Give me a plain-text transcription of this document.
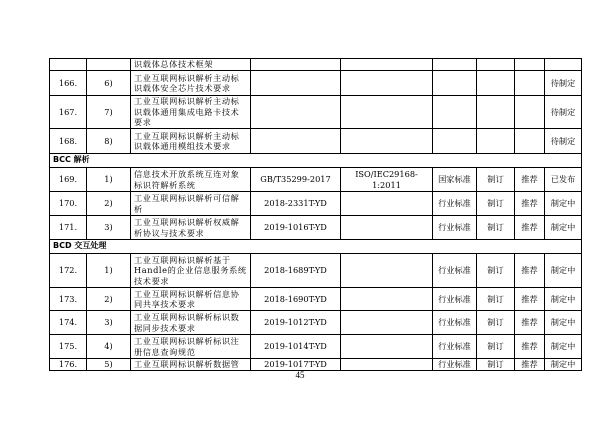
		识载体总体技术框架						
166.	6)	工业互联网标识解析主动标识载体安全芯片技术要求						待制定
167.	7)	工业互联网标识解析主动标识载体通用集成电路卡技术要求						待制定
168.	8)	工业互联网标识解析主动标识载体通用模组技术要求						待制定
BCC 解析								
169.	1)	信息技术开放系统互连对象标识符解析系统	GB/T35299-2017	ISO/IEC29168-1:2011	国家标准	制订	推荐	已发布
170.	2)	工业互联网标识解析可信解析	2018-2331T-YD		行业标准	制订	推荐	制定中
171.	3)	工业互联网标识解析权威解析协议与技术要求	2019-1016T-YD		行业标准	制订	推荐	制定中
BCD 交互处理								
172.	1)	工业互联网标识解析基于Handle的企业信息服务系统技术要求	2018-1689T-YD		行业标准	制订	推荐	制定中
173.	2)	工业互联网标识解析信息协同共享技术要求	2018-1690T-YD		行业标准	制订	推荐	制定中
174.	3)	工业互联网标识解析标识数据同步技术要求	2019-1012T-YD		行业标准	制订	推荐	制定中
175.	4)	工业互联网标识解析标识注册信息查询规范	2019-1014T-YD		行业标准	制订	推荐	制定中
176.	5)	工业互联网标识解析数据管	2019-1017T-YD		行业标准	制订	推荐	制定中
45
